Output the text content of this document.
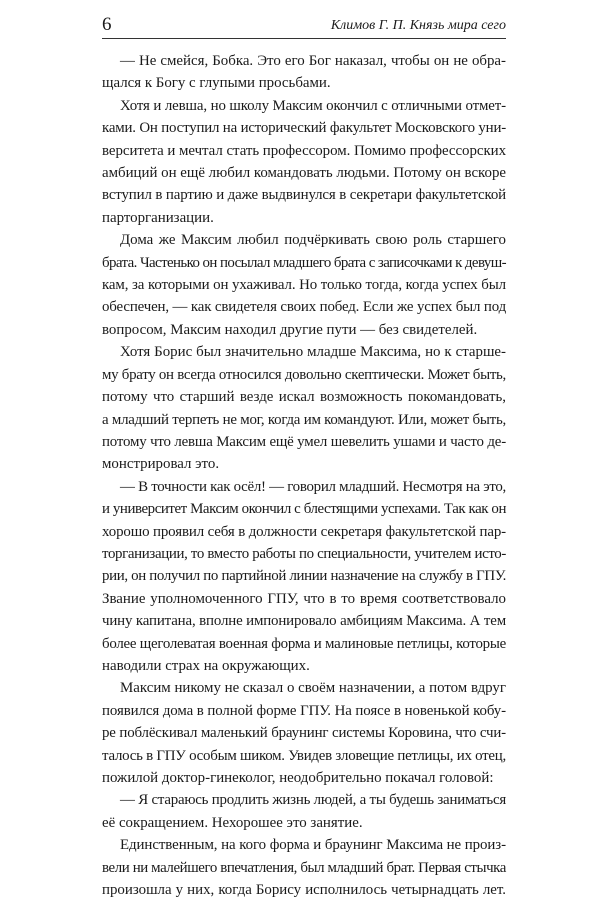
6	Климов Г. П. Князь мира сего

— Не смейся, Бобка. Это его Бог наказал, чтобы он не обра-
щался к Богу с глупыми просьбами.

Хотя и левша, но школу Максим окончил с отличными отмет-
ками. Он поступил на исторический факультет Московского уни-
верситета и мечтал стать профессором. Помимо профессорских
амбиций он ещё любил командовать людьми. Потому он вскоре
вступил в партию и даже выдвинулся в секретари факультетской
парторганизации.

Дома же Максим любил подчёркивать свою роль старшего
брата. Частенько он посылал младшего брата с записочками к девуш-
кам, за которыми он ухаживал. Но только тогда, когда успех был
обеспечен, — как свидетеля своих побед. Если же успех был под
вопросом, Максим находил другие пути — без свидетелей.

Хотя Борис был значительно младше Максима, но к старше-
му брату он всегда относился довольно скептически. Может быть,
потому что старший везде искал возможность покомандовать,
а младший терпеть не мог, когда им командуют. Или, может быть,
потому что левша Максим ещё умел шевелить ушами и часто де-
монстрировал это.

— В точности как осёл! — говорил младший. Несмотря на это,
и университет Максим окончил с блестящими успехами. Так как он
хорошо проявил себя в должности секретаря факультетской пар-
торганизации, то вместо работы по специальности, учителем исто-
рии, он получил по партийной линии назначение на службу в ГПУ.
Звание уполномоченного ГПУ, что в то время соответствовало
чину капитана, вполне импонировало амбициям Максима. А тем
более щеголеватая военная форма и малиновые петлицы, которые
наводили страх на окружающих.

Максим никому не сказал о своём назначении, а потом вдруг
появился дома в полной форме ГПУ. На поясе в новенькой кобу-
ре поблёскивал маленький браунинг системы Коровина, что счи-
талось в ГПУ особым шиком. Увидев зловещие петлицы, их отец,
пожилой доктор-гинеколог, неодобрительно покачал головой:

— Я стараюсь продлить жизнь людей, а ты будешь заниматься
её сокращением. Нехорошее это занятие.

Единственным, на кого форма и браунинг Максима не произ-
вели ни малейшего впечатления, был младший брат. Первая стычка
произошла у них, когда Борису исполнилось четырнадцать лет.
